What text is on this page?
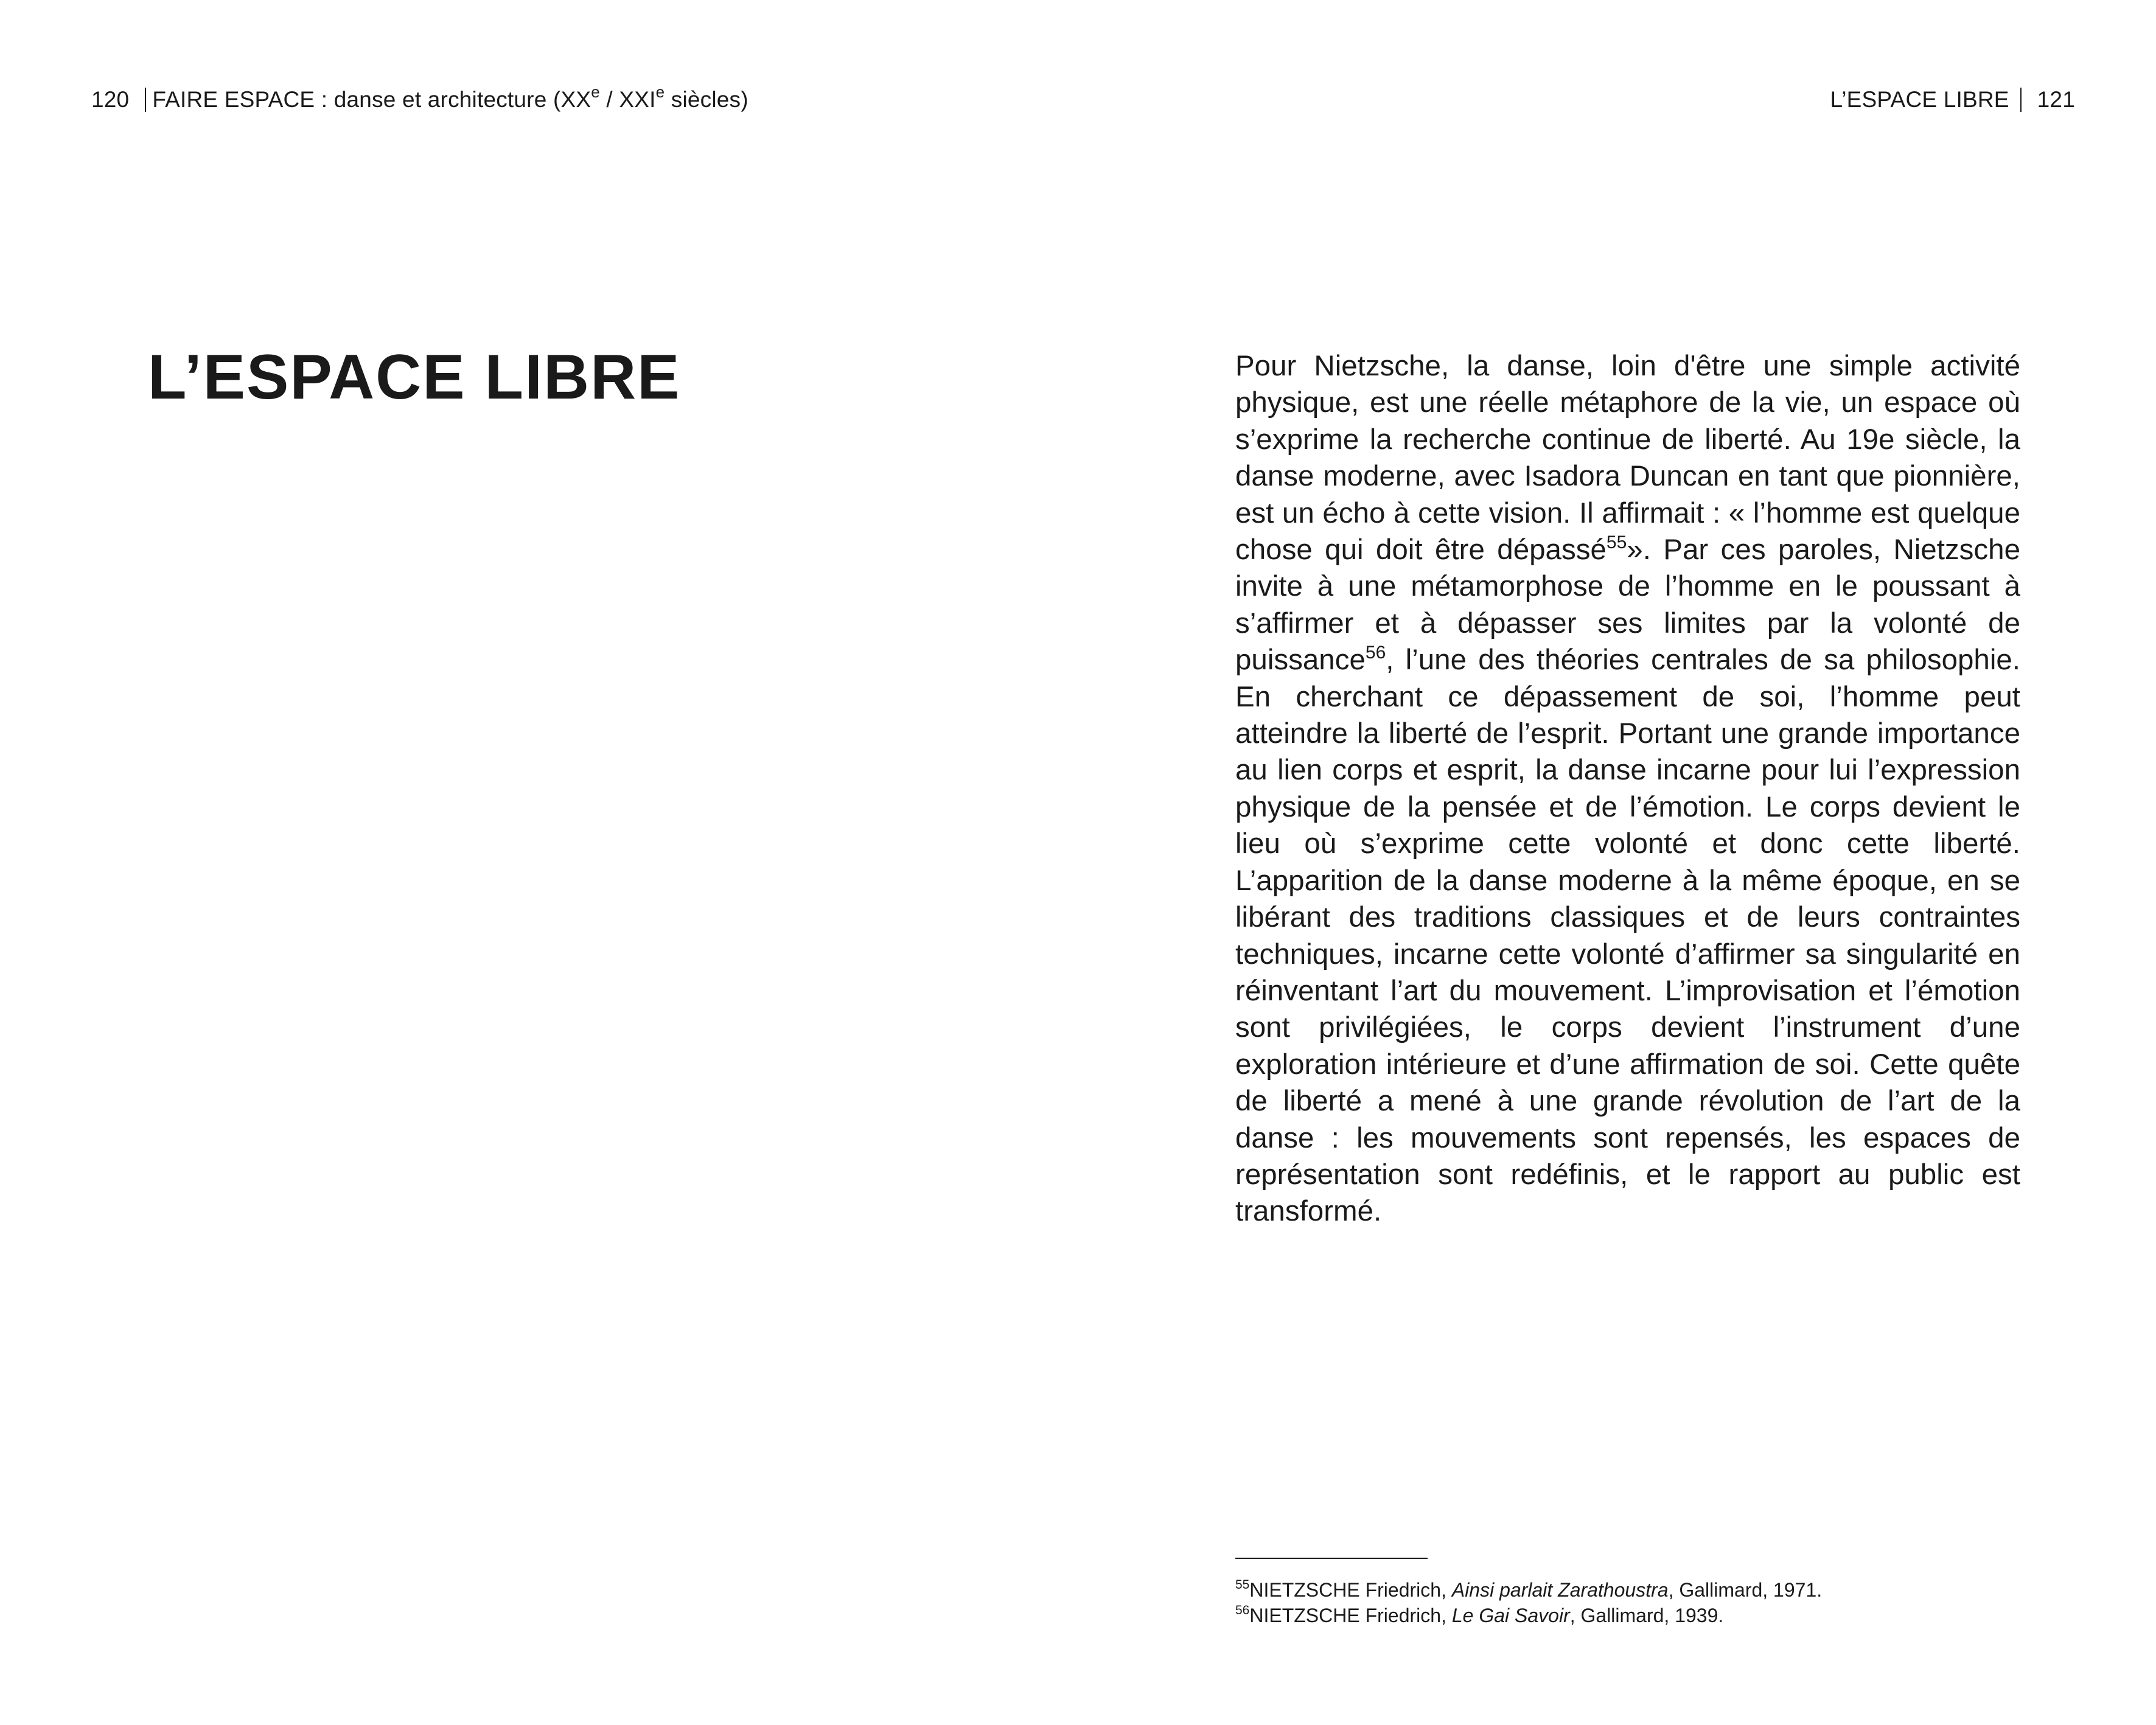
120 FAIRE ESPACE : danse et architecture (XXe / XXIe siècles)	L’ESPACE LIBRE 121
L’ESPACE LIBRE	Pour Nietzsche, la danse, loin d'être une simple activité physique, est une réelle métaphore de la vie, un espace où s’exprime la recherche continue de liberté. Au 19e siècle, la danse moderne, avec Isadora Duncan en tant que pionnière, est un écho à cette vision. Il affirmait : « l’homme est quelque chose qui doit être dépassé$^{55}$». Par ces paroles, Nietzsche invite à une métamorphose de l’homme en le poussant à s’affirmer et à dépasser ses limites par la volonté de puissance$^{56}$, l’une des théories centrales de sa philosophie. En cherchant ce dépassement de soi, l’homme peut atteindre la liberté de l’esprit. Portant une grande importance au lien corps et esprit, la danse incarne pour lui l’expression physique de la pensée et de l’émotion. Le corps devient le lieu où s’exprime cette volonté et donc cette liberté. L’apparition de la danse moderne à la même époque, en se libérant des traditions classiques et de leurs contraintes techniques, incarne cette volonté d’affirmer sa singularité en réinventant l’art du mouvement. L’improvisation et l’émotion sont privilégiées, le corps devient l’instrument d’une exploration intérieure et d’une affirmation de soi. Cette quête de liberté a mené à une grande révolution de l’art de la danse : les mouvements sont repensés, les espaces de représentation sont redéfinis, et le rapport au public est transformé.

$^{55}$NIETZSCHE Friedrich, Ainsi parlait Zarathoustra, Gallimard, 1971.
$^{56}$NIETZSCHE Friedrich, Le Gai Savoir, Gallimard, 1939.
